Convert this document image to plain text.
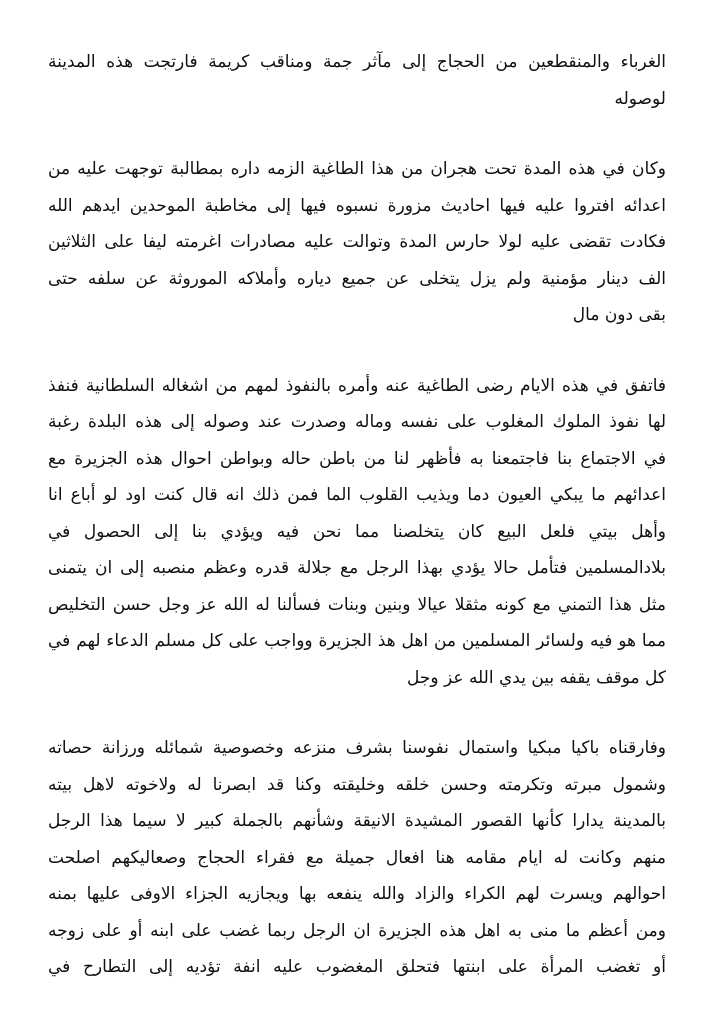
الغرباء والمنقطعين من الحجاج إلى مآثر جمة ومناقب كريمة فارتجت هذه المدينة
لوصوله
وكان في هذه المدة تحت هجران من هذا الطاغية الزمه داره بمطالبة توجهت عليه من
اعدائه افتروا عليه فيها احاديث مزورة نسبوه فيها إلى مخاطبة الموحدين ايدهم الله
فكادت تقضى عليه لولا حارس المدة وتوالت عليه مصادرات اغرمته ليفا على الثلاثين
الف دينار مؤمنية ولم يزل يتخلى عن جميع دياره وأملاكه الموروثة عن سلفه حتى
بقى دون مال
فاتفق في هذه الايام رضى الطاغية عنه وأمره بالنفوذ لمهم من اشغاله السلطانية فنفذ
لها نفوذ الملوك المغلوب على نفسه وماله وصدرت عند وصوله إلى هذه البلدة رغبة
في الاجتماع بنا فاجتمعنا به فأظهر لنا من باطن حاله وبواطن احوال هذه الجزيرة مع
اعدائهم ما يبكي العيون دما ويذيب القلوب الما فمن ذلك انه قال كنت اود لو أباع انا
وأهل بيتي فلعل البيع كان يتخلصنا مما نحن فيه ويؤدي بنا إلى الحصول في
بلادالمسلمين فتأمل حالا يؤدي بهذا الرجل مع جلالة قدره وعظم منصبه إلى ان يتمنى
مثل هذا التمني مع كونه مثقلا عيالا وبنين وبنات فسألنا له الله عز وجل حسن التخليص
مما هو فيه ولسائر المسلمين من اهل هذ الجزيرة وواجب على كل مسلم الدعاء لهم في
كل موقف يقفه بين يدي الله عز وجل
وفارقناه باكيا مبكيا واستمال نفوسنا بشرف منزعه وخصوصية شمائله ورزانة حصاته
وشمول مبرته وتكرمته وحسن خلقه وخليقته وكنا قد ابصرنا له ولاخوته لاهل بيته
بالمدينة يدارا كأنها القصور المشيدة الانيقة وشأنهم بالجملة كبير لا سيما هذا الرجل
منهم وكانت له ايام مقامه هنا افعال جميلة مع فقراء الحجاج وصعاليكهم اصلحت
احوالهم ويسرت لهم الكراء والزاد والله ينفعه بها ويجازيه الجزاء الاوفى عليها بمنه
ومن أعظم ما منى به اهل هذه الجزيرة ان الرجل ربما غضب على ابنه أو على زوجه
أو تغضب المرأة على ابنتها فتحلق المغضوب عليه انفة تؤديه إلى التطارح في
